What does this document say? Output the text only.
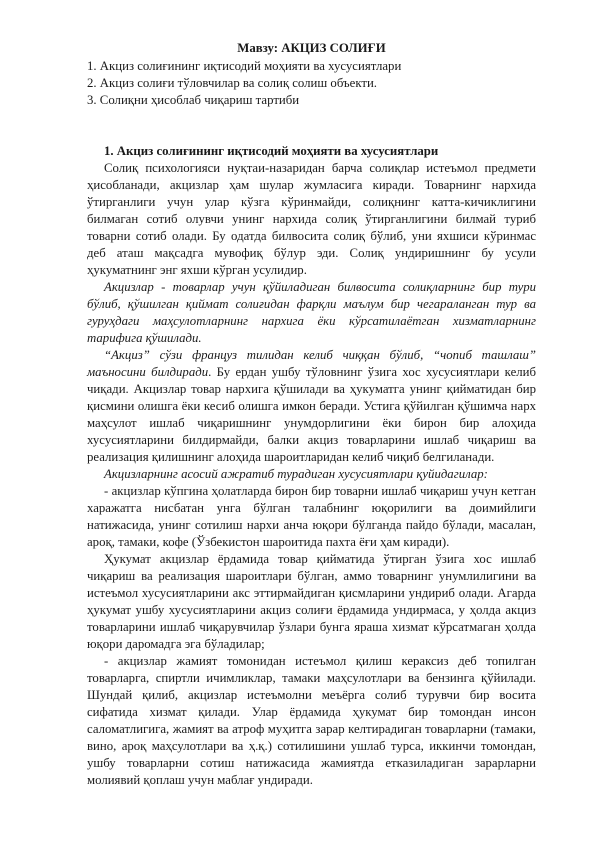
Мавзу: АКЦИЗ СОЛИҒИ
1. Акциз солиғининг иқтисодий моҳияти ва хусусиятлари
2. Акциз солиғи тўловчилар ва солиқ солиш объекти.
3. Солиқни ҳисоблаб чиқариш тартиби
1. Акциз солиғининг иқтисодий моҳияти ва хусусиятлари

Солиқ психологияси нуқтаи-назаридан барча солиқлар истеъмол предмети ҳисобланади, акцизлар ҳам шулар жумласига киради. Товарнинг нархида ўтирганлиги учун улар кўзга кўринмайди, солиқнинг катта-кичиклигини билмаган сотиб олувчи унинг нархида солиқ ўтирганлигини билмай туриб товарни сотиб олади. Бу одатда билвосита солиқ бўлиб, уни яхшиси кўринмас деб аташ мақсадга мувофиқ бўлур эди. Солиқ ундиришнинг бу усули ҳукуматнинг энг яхши кўрган усулидир.

Акцизлар - товарлар учун қўйиладиган билвосита солиқларнинг бир тури бўлиб, қўшилган қиймат солиғидан фарқли маълум бир чегараланган тур ва гуруҳдаги маҳсулотларнинг нархига ёки кўрсатилаётган хизматларнинг тарифига қўшилади.

“Акциз” сўзи француз тилидан келиб чиққан бўлиб, “чопиб ташлаш” маъносини билдиради. Бу ердан ушбу тўловнинг ўзига хос хусусиятлари келиб чиқади. Акцизлар товар нархига қўшилади ва ҳукуматга унинг қийматидан бир қисмини олишга ёки кесиб олишга имкон беради. Устига қўйилган қўшимча нарх маҳсулот ишлаб чиқаришнинг унумдорлигини ёки бирон бир алоҳида хусусиятларини билдирмайди, балки акциз товарларини ишлаб чиқариш ва реализация қилишнинг алоҳида шароитларидан келиб чиқиб белгиланади.

Акцизларнинг асосий ажратиб турадиган хусусиятлари қуйидагилар:

- акцизлар кўпгина ҳолатларда бирон бир товарни ишлаб чиқариш учун кетган харажатга нисбатан унга бўлган талабнинг юқорилиги ва доимийлиги натижасида, унинг сотилиш нархи анча юқори бўлганда пайдо бўлади, масалан, ароқ, тамаки, кофе (Ўзбекистон шароитида пахта ёғи ҳам киради).

Ҳукумат акцизлар ёрдамида товар қийматида ўтирган ўзига хос ишлаб чиқариш ва реализация шароитлари бўлган, аммо товарнинг унумлилигини ва истеъмол хусусиятларини акс эттирмайдиган қисмларини ундириб олади. Агарда ҳукумат ушбу хусусиятларини акциз солиғи ёрдамида ундирмаса, у ҳолда акциз товарларини ишлаб чиқарувчилар ўзлари бунга яраша хизмат кўрсатмаган ҳолда юқори даромадга эга бўладилар;

- акцизлар жамият томонидан истеъмол қилиш кераксиз деб топилган товарларга, спиртли ичимликлар, тамаки маҳсулотлари ва бензинга қўйилади. Шундай қилиб, акцизлар истеъмолни меъёрга солиб турувчи бир восита сифатида хизмат қилади. Улар ёрдамида ҳукумат бир томондан инсон саломатлигига, жамият ва атроф муҳитга зарар келтирадиган товарларни (тамаки, вино, ароқ маҳсулотлари ва ҳ.қ.) сотилишини ушлаб турса, иккинчи томондан, ушбу товарларни сотиш натижасида жамиятда етказиладиган зарарларни молиявий қоплаш учун маблағ ундиради.
